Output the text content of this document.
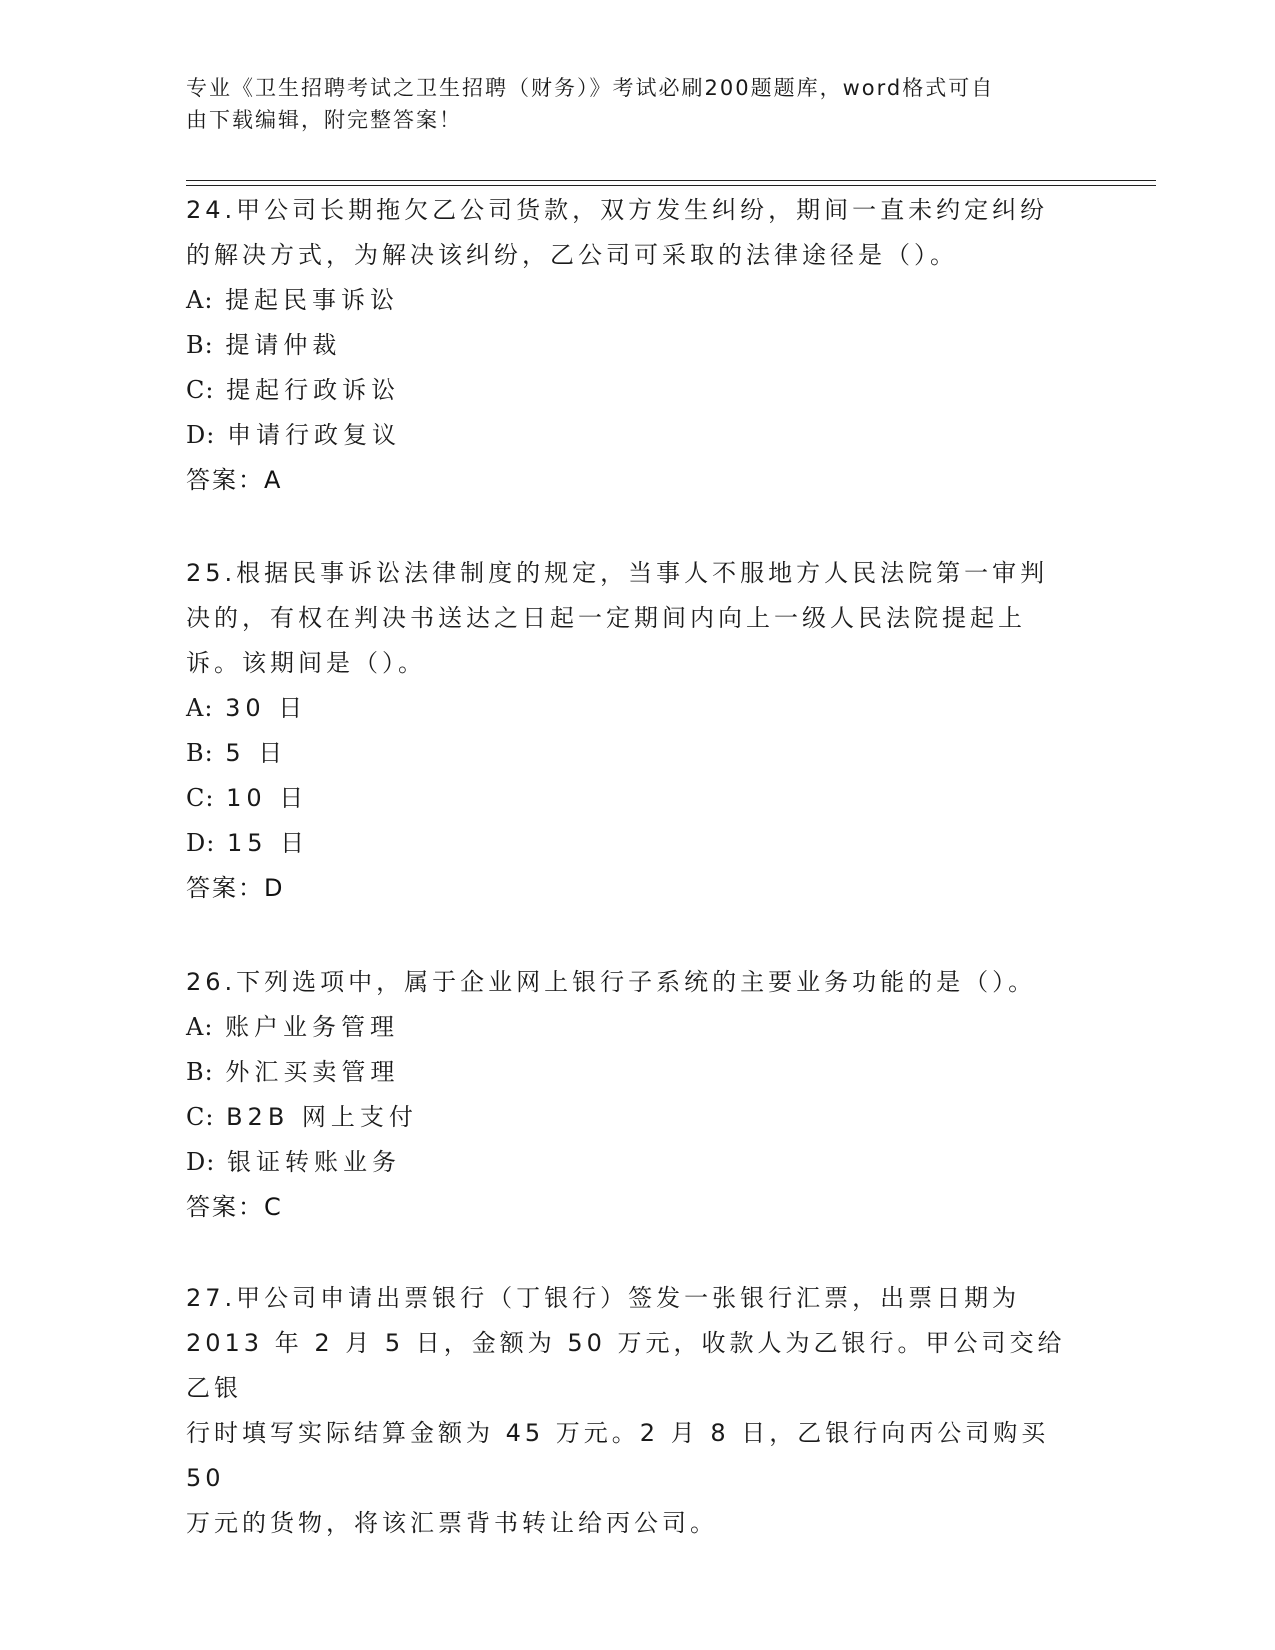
专业《卫生招聘考试之卫生招聘（财务）》考试必刷200题题库，word格式可自
由下载编辑，附完整答案！
24.甲公司长期拖欠乙公司货款，双方发生纠纷，期间一直未约定纠纷
的解决方式，为解决该纠纷，乙公司可采取的法律途径是（）。
A: 提起民事诉讼
B: 提请仲裁
C: 提起行政诉讼
D: 申请行政复议
答案：A
25.根据民事诉讼法律制度的规定，当事人不服地方人民法院第一审判
决的，有权在判决书送达之日起一定期间内向上一级人民法院提起上
诉。该期间是（）。
A: 30 日
B: 5 日
C: 10 日
D: 15 日
答案：D
26.下列选项中，属于企业网上银行子系统的主要业务功能的是（）。
A: 账户业务管理
B: 外汇买卖管理
C: B2B 网上支付
D: 银证转账业务
答案：C
27.甲公司申请出票银行（丁银行）签发一张银行汇票，出票日期为
2013 年 2 月 5 日，金额为 50 万元，收款人为乙银行。甲公司交给乙银
行时填写实际结算金额为 45 万元。2 月 8 日，乙银行向丙公司购买 50
万元的货物，将该汇票背书转让给丙公司。
